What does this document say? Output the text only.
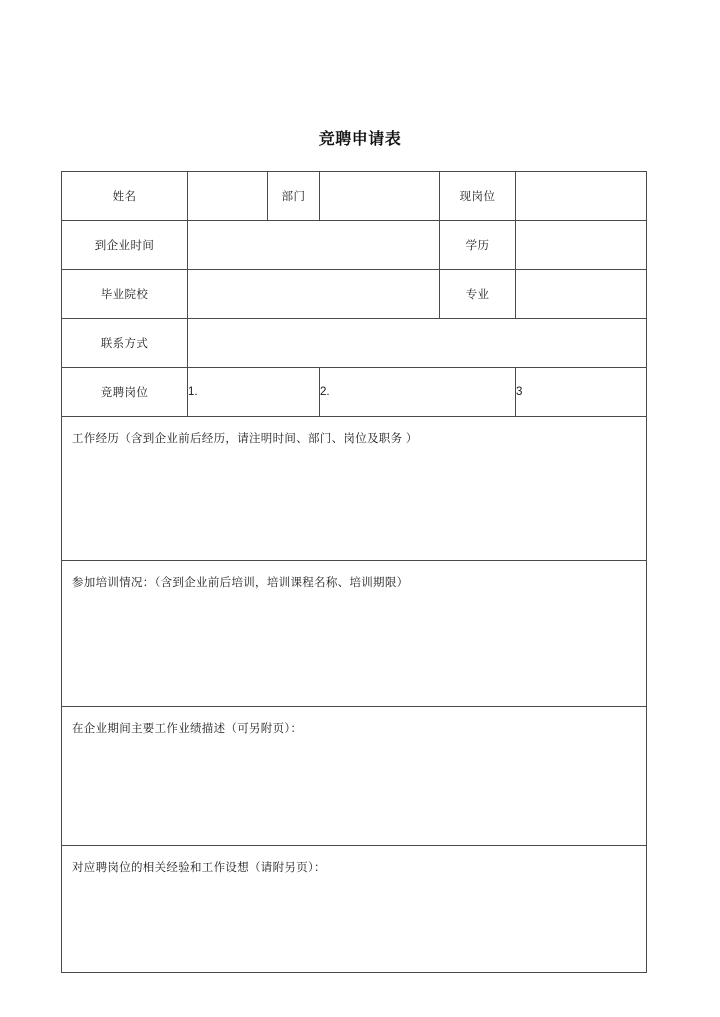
竞聘申请表
姓名		部门		现岗位	
到企业时间				学历	
毕业院校				专业	
联系方式					
竞聘岗位	1.		2.		3
工作经历（含到企业前后经历，请注明时间、部门、岗位及职务 ）					
参加培训情况：（含到企业前后培训，培训课程名称、培训期限）					
在企业期间主要工作业绩描述（可另附页）：					
对应聘岗位的相关经验和工作设想（请附另页）：					
